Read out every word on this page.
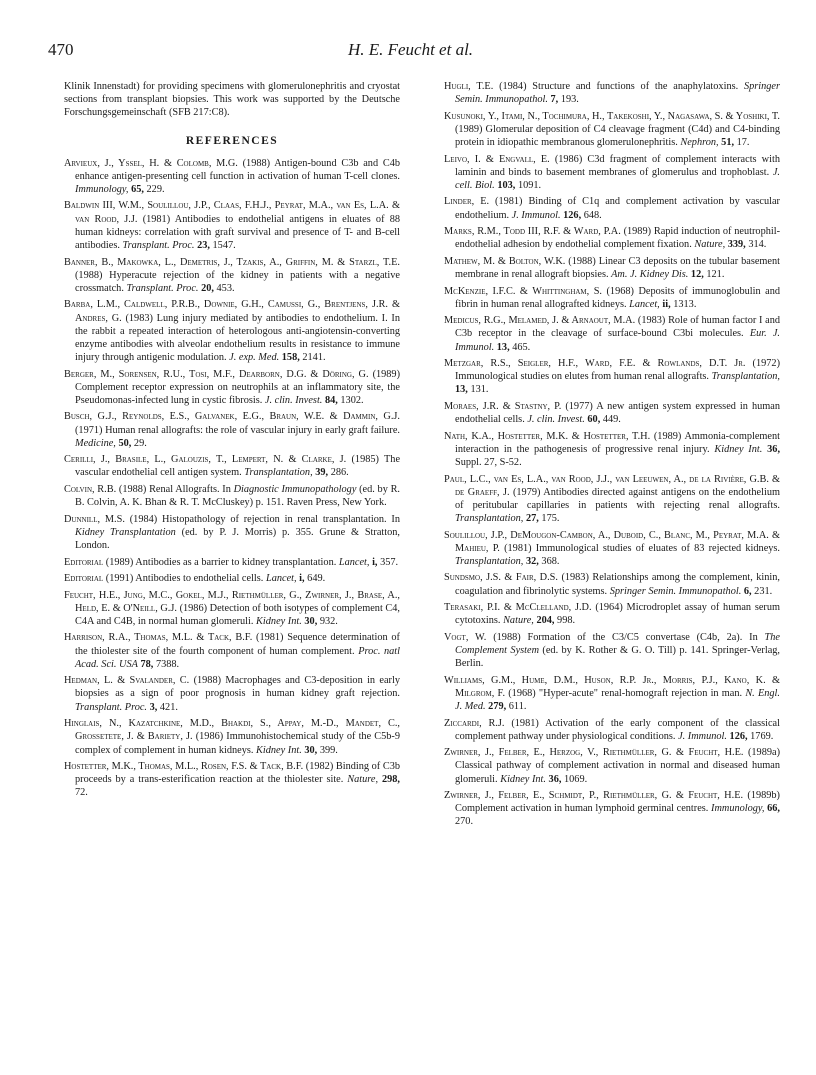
470	H. E. Feucht et al.

Klinik Innenstadt) for providing specimens with glomerulonephritis and cryostat sections from transplant biopsies. This work was supported by the Deutsche Forschungsgemeinschaft (SFB 217:C8).

REFERENCES

Arvieux, J., Yssel, H. & Colomb, M.G. (1988) Antigen-bound C3b and C4b enhance antigen-presenting cell function in activation of human T-cell clones. Immunology, 65, 229.

Baldwin III, W.M., Soulillou, J.P., Claas, F.H.J., Peyrat, M.A., van Es, L.A. & van Rood, J.J. (1981) Antibodies to endothelial antigens in eluates of 88 human kidneys: correlation with graft survival and presence of T- and B-cell antibodies. Transplant. Proc. 23, 1547.

Banner, B., Makowka, L., Demetris, J., Tzakis, A., Griffin, M. & Starzl, T.E. (1988) Hyperacute rejection of the kidney in patients with a negative crossmatch. Transplant. Proc. 20, 453.

Barba, L.M., Caldwell, P.R.B., Downie, G.H., Camussi, G., Brentjens, J.R. & Andres, G. (1983) Lung injury mediated by antibodies to endothelium. I. In the rabbit a repeated interaction of heterologous anti-angiotensin-converting enzyme antibodies with alveolar endothelium results in resistance to immune injury through antigenic modulation. J. exp. Med. 158, 2141.

Berger, M., Sorensen, R.U., Tosi, M.F., Dearborn, D.G. & Döring, G. (1989) Complement receptor expression on neutrophils at an inflammatory site, the Pseudomonas-infected lung in cystic fibrosis. J. clin. Invest. 84, 1302.

Busch, G.J., Reynolds, E.S., Galvanek, E.G., Braun, W.E. & Dammin, G.J. (1971) Human renal allografts: the role of vascular injury in early graft failure. Medicine, 50, 29.

Cerilli, J., Brasile, L., Galouzis, T., Lempert, N. & Clarke, J. (1985) The vascular endothelial cell antigen system. Transplantation, 39, 286.

Colvin, R.B. (1988) Renal Allografts. In Diagnostic Immunopathology (ed. by R. B. Colvin, A. K. Bhan & R. T. McCluskey) p. 151. Raven Press, New York.

Dunnill, M.S. (1984) Histopathology of rejection in renal transplantation. In Kidney Transplantation (ed. by P. J. Morris) p. 355. Grune & Stratton, London.

Editorial (1989) Antibodies as a barrier to kidney transplantation. Lancet, i, 357.

Editorial (1991) Antibodies to endothelial cells. Lancet, i, 649.

Feucht, H.E., Jung, M.C., Gokel, M.J., Riethmüller, G., Zwirner, J., Brase, A., Held, E. & O'Neill, G.J. (1986) Detection of both isotypes of complement C4, C4A and C4B, in normal human glomeruli. Kidney Int. 30, 932.

Harrison, R.A., Thomas, M.L. & Tack, B.F. (1981) Sequence determination of the thiolester site of the fourth component of human complement. Proc. natl Acad. Sci. USA 78, 7388.

Hedman, L. & Svalander, C. (1988) Macrophages and C3-deposition in early biopsies as a sign of poor prognosis in human kidney graft rejection. Transplant. Proc. 3, 421.

Hinglais, N., Kazatchkine, M.D., Bhakdi, S., Appay, M.-D., Mandet, C., Grossetete, J. & Bariety, J. (1986) Immunohistochemical study of the C5b-9 complex of complement in human kidneys. Kidney Int. 30, 399.

Hostetter, M.K., Thomas, M.L., Rosen, F.S. & Tack, B.F. (1982) Binding of C3b proceeds by a trans-esterification reaction at the thiolester site. Nature, 298, 72.

Hugli, T.E. (1984) Structure and functions of the anaphylatoxins. Springer Semin. Immunopathol. 7, 193.

Kusunoki, Y., Itami, N., Tochimura, H., Takekoshi, Y., Nagasawa, S. & Yoshiki, T. (1989) Glomerular deposition of C4 cleavage fragment (C4d) and C4-binding protein in idiopathic membranous glomerulonephritis. Nephron, 51, 17.

Leivo, I. & Engvall, E. (1986) C3d fragment of complement interacts with laminin and binds to basement membranes of glomerulus and trophoblast. J. cell. Biol. 103, 1091.

Linder, E. (1981) Binding of C1q and complement activation by vascular endothelium. J. Immunol. 126, 648.

Marks, R.M., Todd III, R.F. & Ward, P.A. (1989) Rapid induction of neutrophil-endothelial adhesion by endothelial complement fixation. Nature, 339, 314.

Mathew, M. & Bolton, W.K. (1988) Linear C3 deposits on the tubular basement membrane in renal allograft biopsies. Am. J. Kidney Dis. 12, 121.

McKenzie, I.F.C. & Whittingham, S. (1968) Deposits of immunoglobulin and fibrin in human renal allografted kidneys. Lancet, ii, 1313.

Medicus, R.G., Melamed, J. & Arnaout, M.A. (1983) Role of human factor I and C3b receptor in the cleavage of surface-bound C3bi molecules. Eur. J. Immunol. 13, 465.

Metzgar, R.S., Seigler, H.F., Ward, F.E. & Rowlands, D.T. Jr. (1972) Immunological studies on elutes from human renal allografts. Transplantation, 13, 131.

Moraes, J.R. & Stastny, P. (1977) A new antigen system expressed in human endothelial cells. J. clin. Invest. 60, 449.

Nath, K.A., Hostetter, M.K. & Hostetter, T.H. (1989) Ammonia-complement interaction in the pathogenesis of progressive renal injury. Kidney Int. 36, Suppl. 27, S-52.

Paul, L.C., van Es, L.A., van Rood, J.J., van Leeuwen, A., de la Rivière, G.B. & de Graeff, J. (1979) Antibodies directed against antigens on the endothelium of peritubular capillaries in patients with rejecting renal allografts. Transplantation, 27, 175.

Soulillou, J.P., DeMougon-Cambon, A., Duboid, C., Blanc, M., Peyrat, M.A. & Mahieu, P. (1981) Immunological studies of eluates of 83 rejected kidneys. Transplantation, 32, 368.

Sundsmo, J.S. & Fair, D.S. (1983) Relationships among the complement, kinin, coagulation and fibrinolytic systems. Springer Semin. Immunopathol. 6, 231.

Terasaki, P.I. & McClelland, J.D. (1964) Microdroplet assay of human serum cytotoxins. Nature, 204, 998.

Vogt, W. (1988) Formation of the C3/C5 convertase (C4b, 2a). In The Complement System (ed. by K. Rother & G. O. Till) p. 141. Springer-Verlag, Berlin.

Williams, G.M., Hume, D.M., Huson, R.P. Jr., Morris, P.J., Kano, K. & Milgrom, F. (1968) "Hyper-acute" renal-homograft rejection in man. N. Engl. J. Med. 279, 611.

Ziccardi, R.J. (1981) Activation of the early component of the classical complement pathway under physiological conditions. J. Immunol. 126, 1769.

Zwirner, J., Felber, E., Herzog, V., Riethmüller, G. & Feucht, H.E. (1989a) Classical pathway of complement activation in normal and diseased human glomeruli. Kidney Int. 36, 1069.

Zwirner, J., Felber, E., Schmidt, P., Riethmüller, G. & Feucht, H.E. (1989b) Complement activation in human lymphoid germinal centres. Immunology, 66, 270.
